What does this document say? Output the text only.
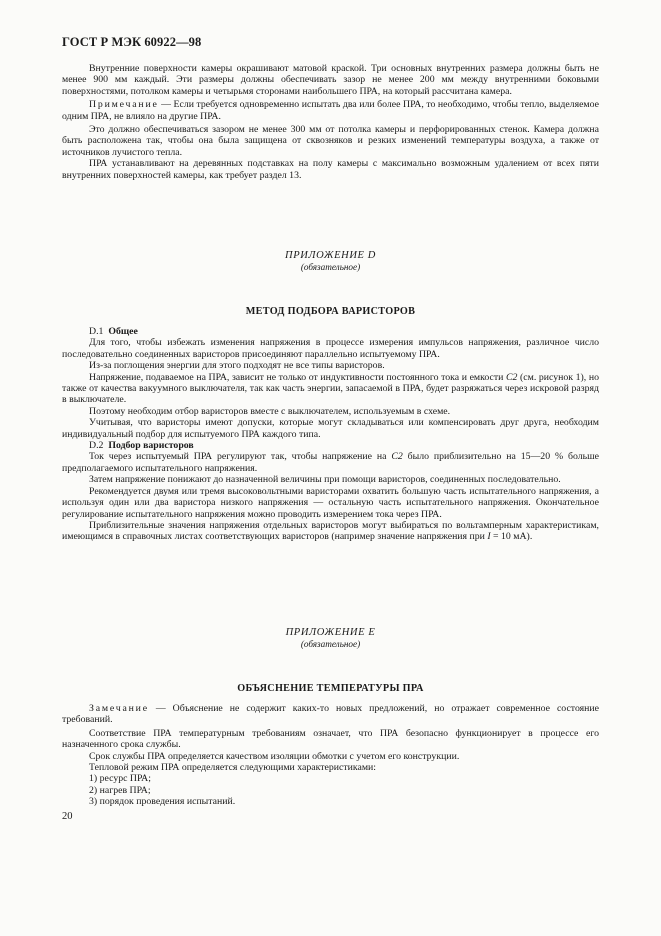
ГОСТ Р МЭК 60922—98

Внутренние поверхности камеры окрашивают матовой краской. Три основных внутренних размера должны быть не менее 900 мм каждый. Эти размеры должны обеспечивать зазор не менее 200 мм между внутренними боковыми поверхностями, потолком камеры и четырьмя сторонами наибольшего ПРА, на который рассчитана камера.

Примечание — Если требуется одновременно испытать два или более ПРА, то необходимо, чтобы тепло, выделяемое одним ПРА, не влияло на другие ПРА.

Это должно обеспечиваться зазором не менее 300 мм от потолка камеры и перфорированных стенок. Камера должна быть расположена так, чтобы она была защищена от сквозняков и резких изменений температуры воздуха, а также от источников лучистого тепла.

ПРА устанавливают на деревянных подставках на полу камеры с максимально возможным удалением от всех пяти внутренних поверхностей камеры, как требует раздел 13.

ПРИЛОЖЕНИЕ D
(обязательное)
МЕТОД ПОДБОРА ВАРИСТОРОВ

D.1 Общее

Для того, чтобы избежать изменения напряжения в процессе измерения импульсов напряжения, различное число последовательно соединенных варисторов присоединяют параллельно испытуемому ПРА.

Из-за поглощения энергии для этого подходят не все типы варисторов.

Напряжение, подаваемое на ПРА, зависит не только от индуктивности постоянного тока и емкости C2 (см. рисунок 1), но также от качества вакуумного выключателя, так как часть энергии, запасаемой в ПРА, будет разряжаться через искровой разряд в выключателе.

Поэтому необходим отбор варисторов вместе с выключателем, используемым в схеме.

Учитывая, что варисторы имеют допуски, которые могут складываться или компенсировать друг друга, необходим индивидуальный подбор для испытуемого ПРА каждого типа.

D.2 Подбор варисторов

Ток через испытуемый ПРА регулируют так, чтобы напряжение на C2 было приблизительно на 15—20 % больше предполагаемого испытательного напряжения.

Затем напряжение понижают до назначенной величины при помощи варисторов, соединенных последовательно.

Рекомендуется двумя или тремя высоковольтными варисторами охватить большую часть испытательного напряжения, а используя один или два варистора низкого напряжения — остальную часть испытательного напряжения. Окончательное регулирование испытательного напряжения можно проводить измерением тока через ПРА.

Приблизительные значения напряжения отдельных варисторов могут выбираться по вольтамперным характеристикам, имеющимся в справочных листах соответствующих варисторов (например значение напряжения при I = 10 мА).

ПРИЛОЖЕНИЕ Е
(обязательное)
ОБЪЯСНЕНИЕ ТЕМПЕРАТУРЫ ПРА

Замечание — Объяснение не содержит каких-то новых предложений, но отражает современное состояние требований.

Соответствие ПРА температурным требованиям означает, что ПРА безопасно функционирует в процессе его назначенного срока службы.

Срок службы ПРА определяется качеством изоляции обмотки с учетом его конструкции.

Тепловой режим ПРА определяется следующими характеристиками:

1) ресурс ПРА;

2) нагрев ПРА;

3) порядок проведения испытаний.

20
